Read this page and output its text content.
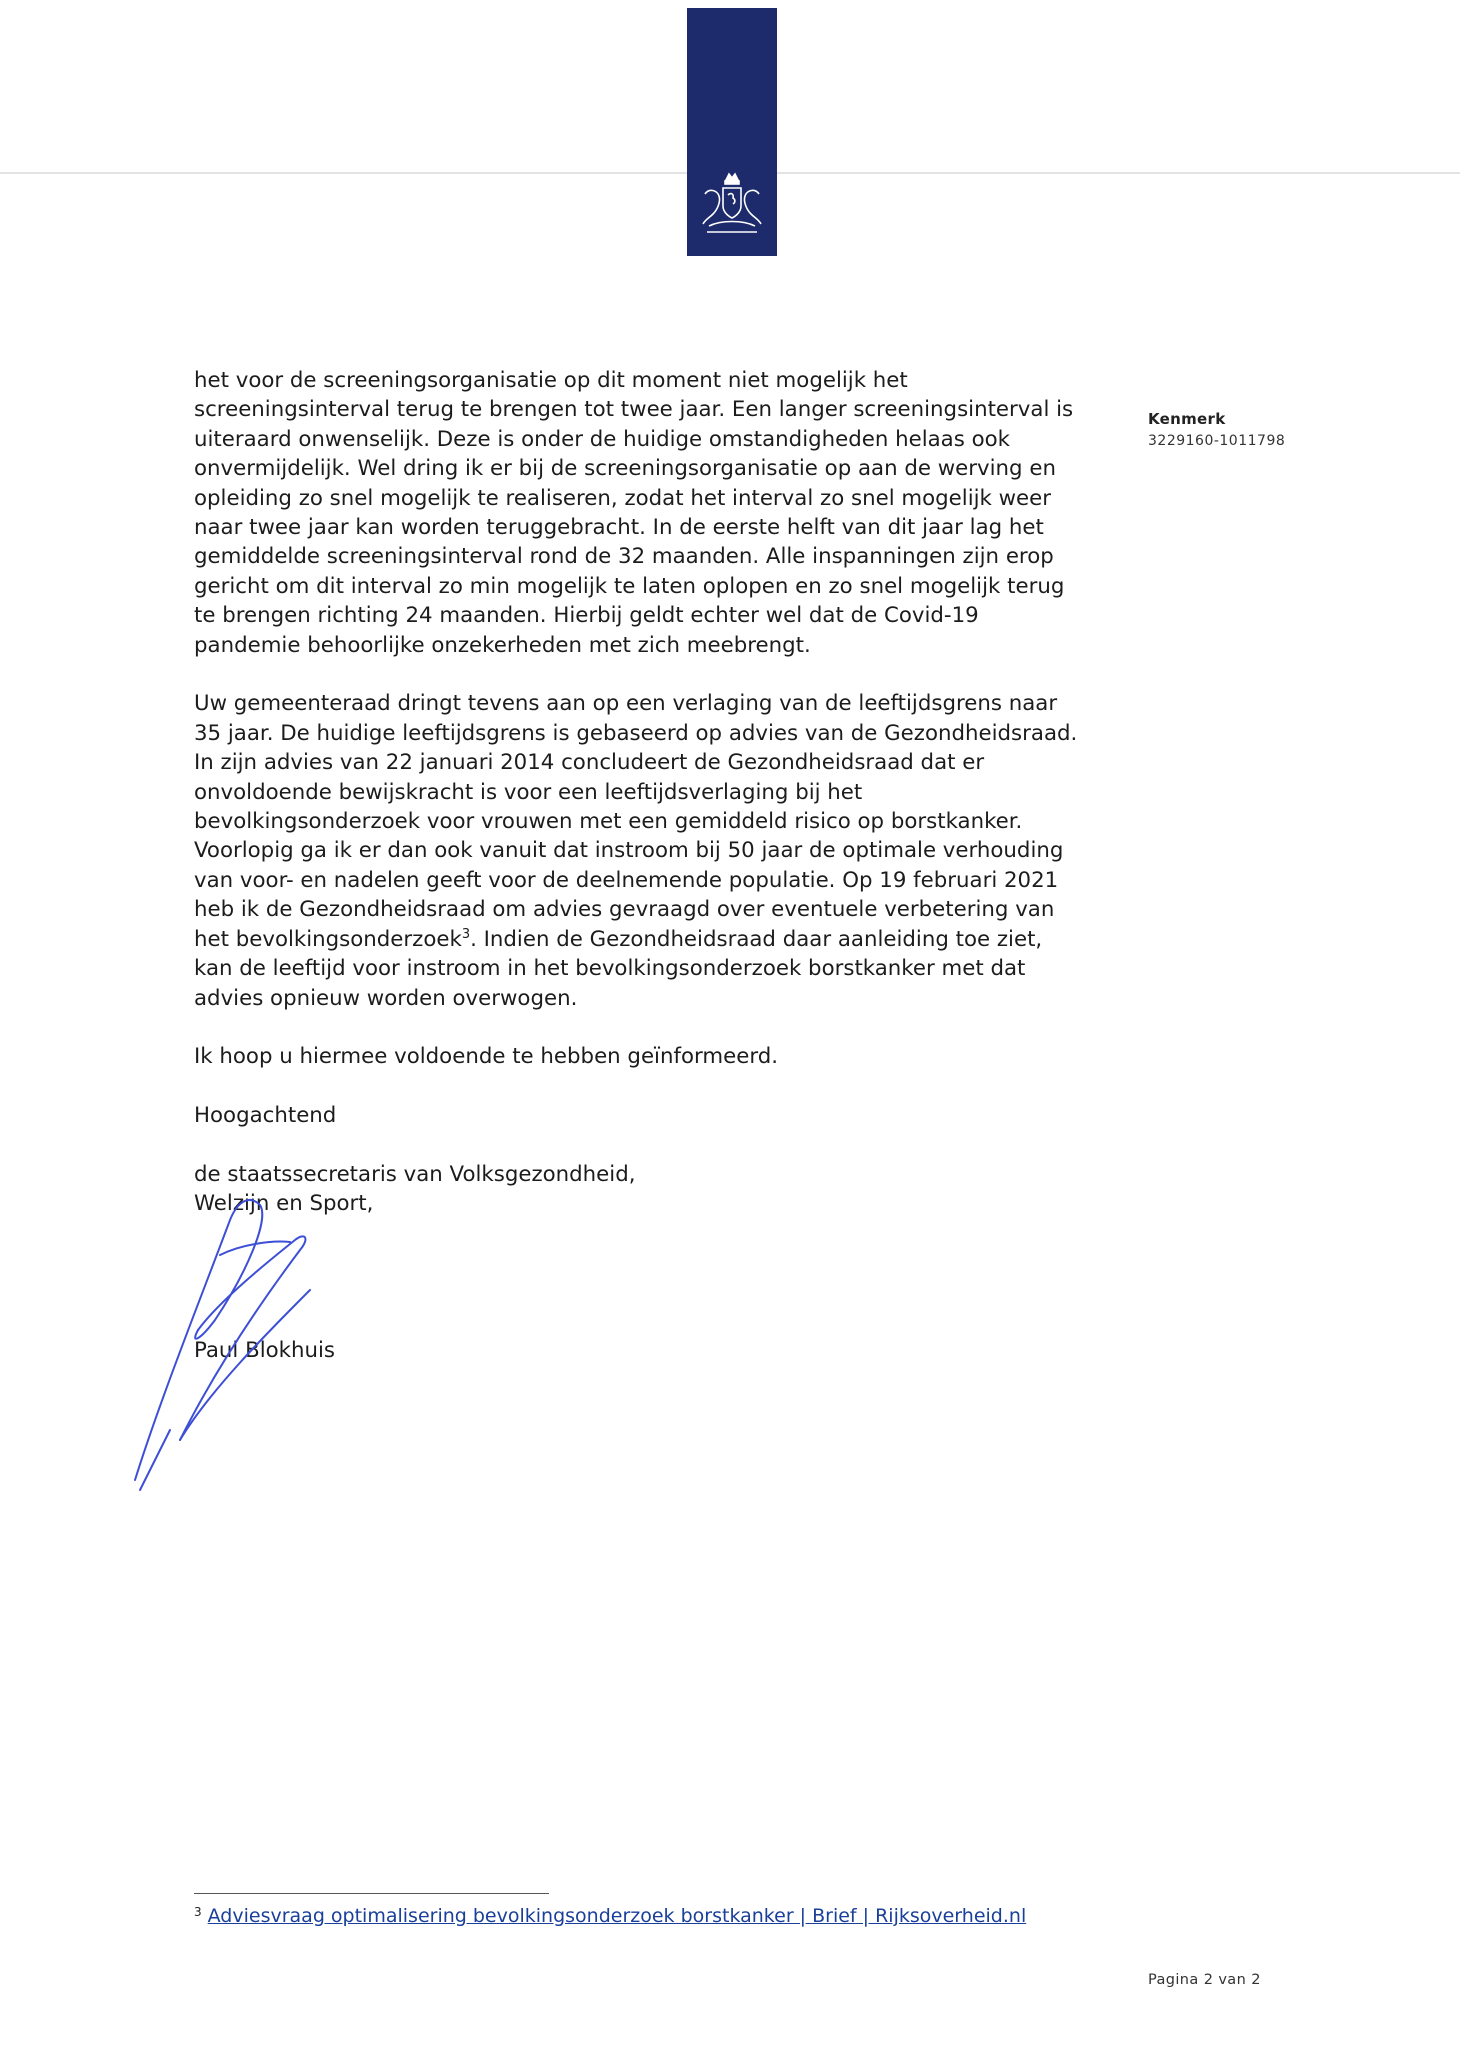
Kenmerk
3229160-1011798

het voor de screeningsorganisatie op dit moment niet mogelijk het

screeningsinterval terug te brengen tot twee jaar. Een langer screeningsinterval is

uiteraard onwenselijk. Deze is onder de huidige omstandigheden helaas ook

onvermijdelijk. Wel dring ik er bij de screeningsorganisatie op aan de werving en

opleiding zo snel mogelijk te realiseren, zodat het interval zo snel mogelijk weer

naar twee jaar kan worden teruggebracht. In de eerste helft van dit jaar lag het

gemiddelde screeningsinterval rond de 32 maanden. Alle inspanningen zijn erop

gericht om dit interval zo min mogelijk te laten oplopen en zo snel mogelijk terug

te brengen richting 24 maanden. Hierbij geldt echter wel dat de Covid-19

pandemie behoorlijke onzekerheden met zich meebrengt.

Uw gemeenteraad dringt tevens aan op een verlaging van de leeftijdsgrens naar

35 jaar. De huidige leeftijdsgrens is gebaseerd op advies van de Gezondheidsraad.

In zijn advies van 22 januari 2014 concludeert de Gezondheidsraad dat er

onvoldoende bewijskracht is voor een leeftijdsverlaging bij het

bevolkingsonderzoek voor vrouwen met een gemiddeld risico op borstkanker.

Voorlopig ga ik er dan ook vanuit dat instroom bij 50 jaar de optimale verhouding

van voor- en nadelen geeft voor de deelnemende populatie. Op 19 februari 2021

heb ik de Gezondheidsraad om advies gevraagd over eventuele verbetering van

het bevolkingsonderzoek$^3$. Indien de Gezondheidsraad daar aanleiding toe ziet,

kan de leeftijd voor instroom in het bevolkingsonderzoek borstkanker met dat

advies opnieuw worden overwogen.

Ik hoop u hiermee voldoende te hebben geïnformeerd.

Hoogachtend

de staatssecretaris van Volksgezondheid,

Welzijn en Sport,

Paul Blokhuis

$^3$ Adviesvraag optimalisering bevolkingsonderzoek borstkanker | Brief | Rijksoverheid.nl
Pagina 2 van 2
